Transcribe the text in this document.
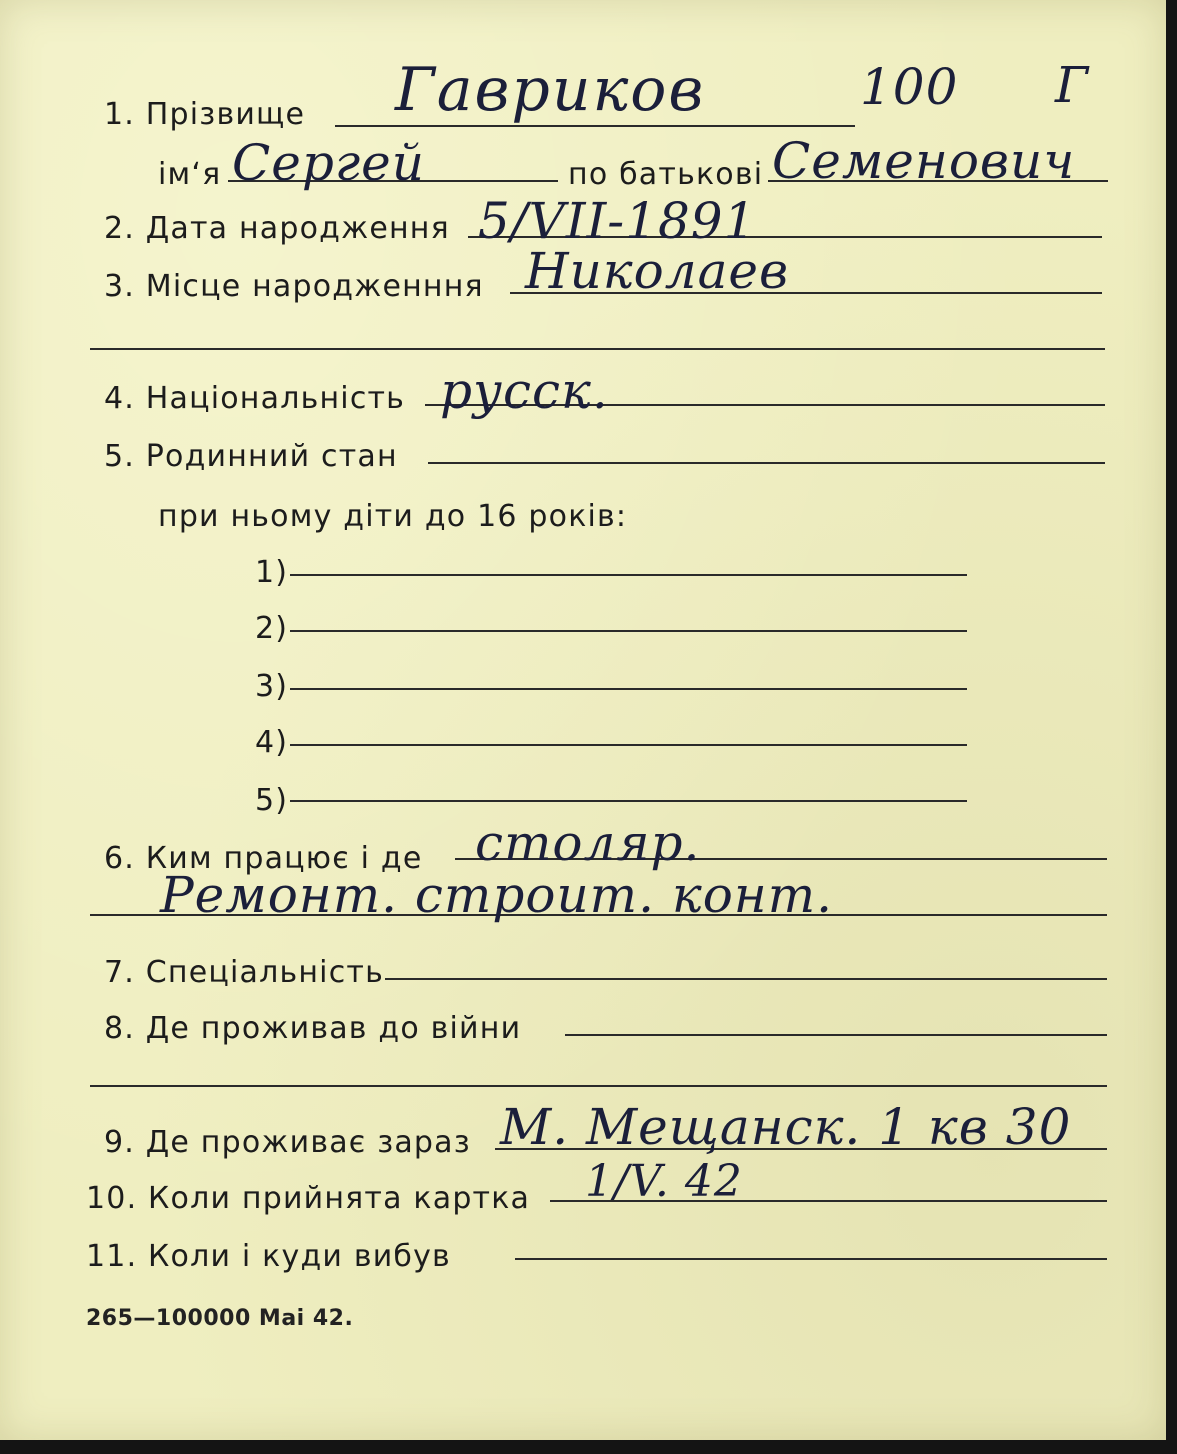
1. Прізвище Гавриков	100 Г
ім‘я Сергей	по батькові Семенович
2. Дата народження 5/VII-1891
3. Місце народженння Николаев
4. Національність русск.
5. Родинний стан
при ньому діти до 16 років:
1)
2)
3)
4)
5)
6. Ким працює і де столяр.
Ремонт. строит. конт.
7. Спеціальність
8. Де проживав до війни
9. Де проживає зараз М. Мещанск. 1 кв 30
10. Коли прийнята картка 1/V. 42
11. Коли і куди вибув
265—100000 Mai 42.
